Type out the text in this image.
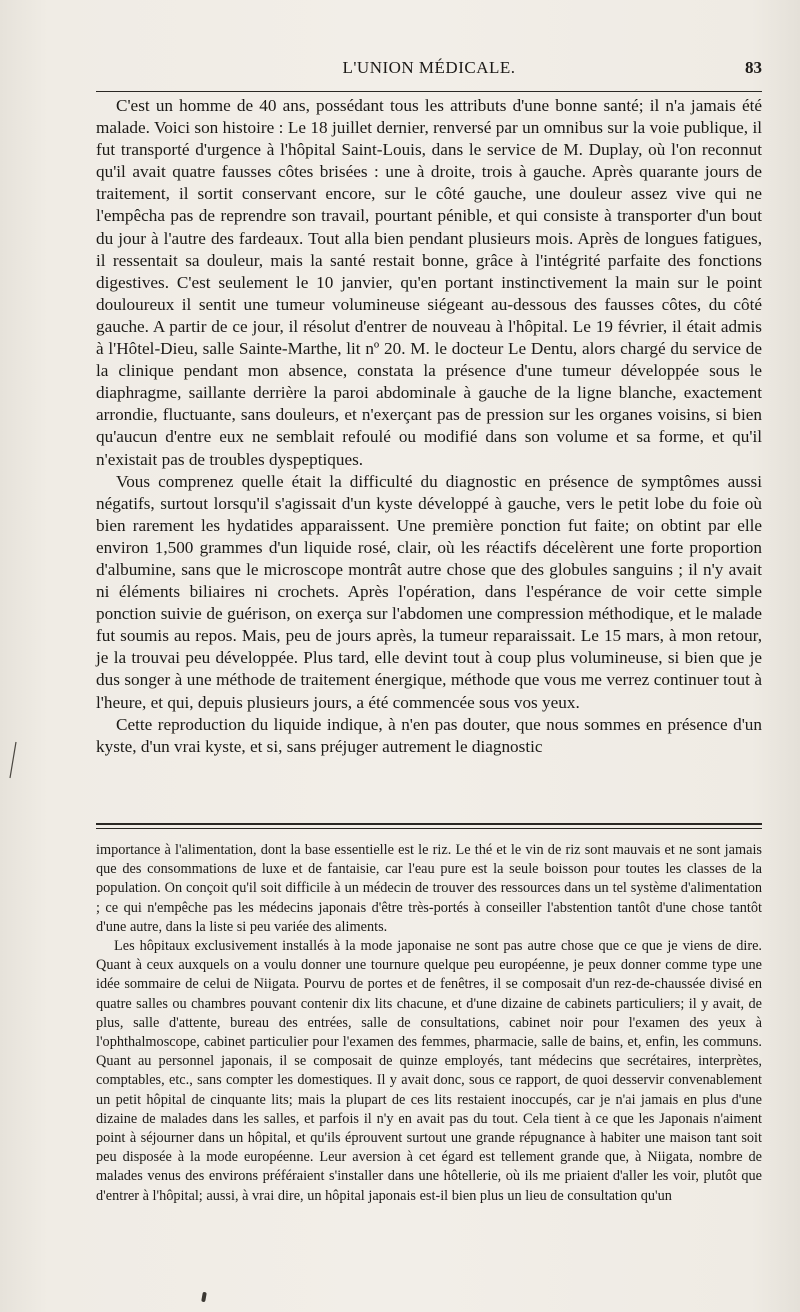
L'UNION MÉDICALE.	83

C'est un homme de 40 ans, possédant tous les attributs d'une bonne santé; il n'a jamais été malade. Voici son histoire : Le 18 juillet dernier, renversé par un omnibus sur la voie publique, il fut transporté d'urgence à l'hôpital Saint-Louis, dans le service de M. Duplay, où l'on reconnut qu'il avait quatre fausses côtes brisées : une à droite, trois à gauche. Après quarante jours de traitement, il sortit conservant encore, sur le côté gauche, une douleur assez vive qui ne l'empêcha pas de reprendre son travail, pourtant pénible, et qui consiste à transporter d'un bout du jour à l'autre des fardeaux. Tout alla bien pendant plusieurs mois. Après de longues fatigues, il ressentait sa douleur, mais la santé restait bonne, grâce à l'intégrité parfaite des fonctions digestives. C'est seulement le 10 janvier, qu'en portant instinctivement la main sur le point douloureux il sentit une tumeur volumineuse siégeant au-dessous des fausses côtes, du côté gauche. A partir de ce jour, il résolut d'entrer de nouveau à l'hôpital. Le 19 février, il était admis à l'Hôtel-Dieu, salle Sainte-Marthe, lit nº 20. M. le docteur Le Dentu, alors chargé du service de la clinique pendant mon absence, constata la présence d'une tumeur développée sous le diaphragme, saillante derrière la paroi abdominale à gauche de la ligne blanche, exactement arrondie, fluctuante, sans douleurs, et n'exerçant pas de pression sur les organes voisins, si bien qu'aucun d'entre eux ne semblait refoulé ou modifié dans son volume et sa forme, et qu'il n'existait pas de troubles dyspeptiques.

Vous comprenez quelle était la difficulté du diagnostic en présence de symptômes aussi négatifs, surtout lorsqu'il s'agissait d'un kyste développé à gauche, vers le petit lobe du foie où bien rarement les hydatides apparaissent. Une première ponction fut faite; on obtint par elle environ 1,500 grammes d'un liquide rosé, clair, où les réactifs décelèrent une forte proportion d'albumine, sans que le microscope montrât autre chose que des globules sanguins ; il n'y avait ni éléments biliaires ni crochets. Après l'opération, dans l'espérance de voir cette simple ponction suivie de guérison, on exerça sur l'abdomen une compression méthodique, et le malade fut soumis au repos. Mais, peu de jours après, la tumeur reparaissait. Le 15 mars, à mon retour, je la trouvai peu développée. Plus tard, elle devint tout à coup plus volumineuse, si bien que je dus songer à une méthode de traitement énergique, méthode que vous me verrez continuer tout à l'heure, et qui, depuis plusieurs jours, a été commencée sous vos yeux.

Cette reproduction du liquide indique, à n'en pas douter, que nous sommes en présence d'un kyste, d'un vrai kyste, et si, sans préjuger autrement le diagnostic

importance à l'alimentation, dont la base essentielle est le riz. Le thé et le vin de riz sont mauvais et ne sont jamais que des consommations de luxe et de fantaisie, car l'eau pure est la seule boisson pour toutes les classes de la population. On conçoit qu'il soit difficile à un médecin de trouver des ressources dans un tel système d'alimentation ; ce qui n'empêche pas les médecins japonais d'être très-portés à conseiller l'abstention tantôt d'une chose tantôt d'une autre, dans la liste si peu variée des aliments.

Les hôpitaux exclusivement installés à la mode japonaise ne sont pas autre chose que ce que je viens de dire. Quant à ceux auxquels on a voulu donner une tournure quelque peu européenne, je peux donner comme type une idée sommaire de celui de Niigata. Pourvu de portes et de fenêtres, il se composait d'un rez-de-chaussée divisé en quatre salles ou chambres pouvant contenir dix lits chacune, et d'une dizaine de cabinets particuliers; il y avait, de plus, salle d'attente, bureau des entrées, salle de consultations, cabinet noir pour l'examen des yeux à l'ophthalmoscope, cabinet particulier pour l'examen des femmes, pharmacie, salle de bains, et, enfin, les communs. Quant au personnel japonais, il se composait de quinze employés, tant médecins que secrétaires, interprètes, comptables, etc., sans compter les domestiques. Il y avait donc, sous ce rapport, de quoi desservir convenablement un petit hôpital de cinquante lits; mais la plupart de ces lits restaient inoccupés, car je n'ai jamais en plus d'une dizaine de malades dans les salles, et parfois il n'y en avait pas du tout. Cela tient à ce que les Japonais n'aiment point à séjourner dans un hôpital, et qu'ils éprouvent surtout une grande répugnance à habiter une maison tant soit peu disposée à la mode européenne. Leur aversion à cet égard est tellement grande que, à Niigata, nombre de malades venus des environs préféraient s'installer dans une hôtellerie, où ils me priaient d'aller les voir, plutôt que d'entrer à l'hôpital; aussi, à vrai dire, un hôpital japonais est-il bien plus un lieu de consultation qu'un
